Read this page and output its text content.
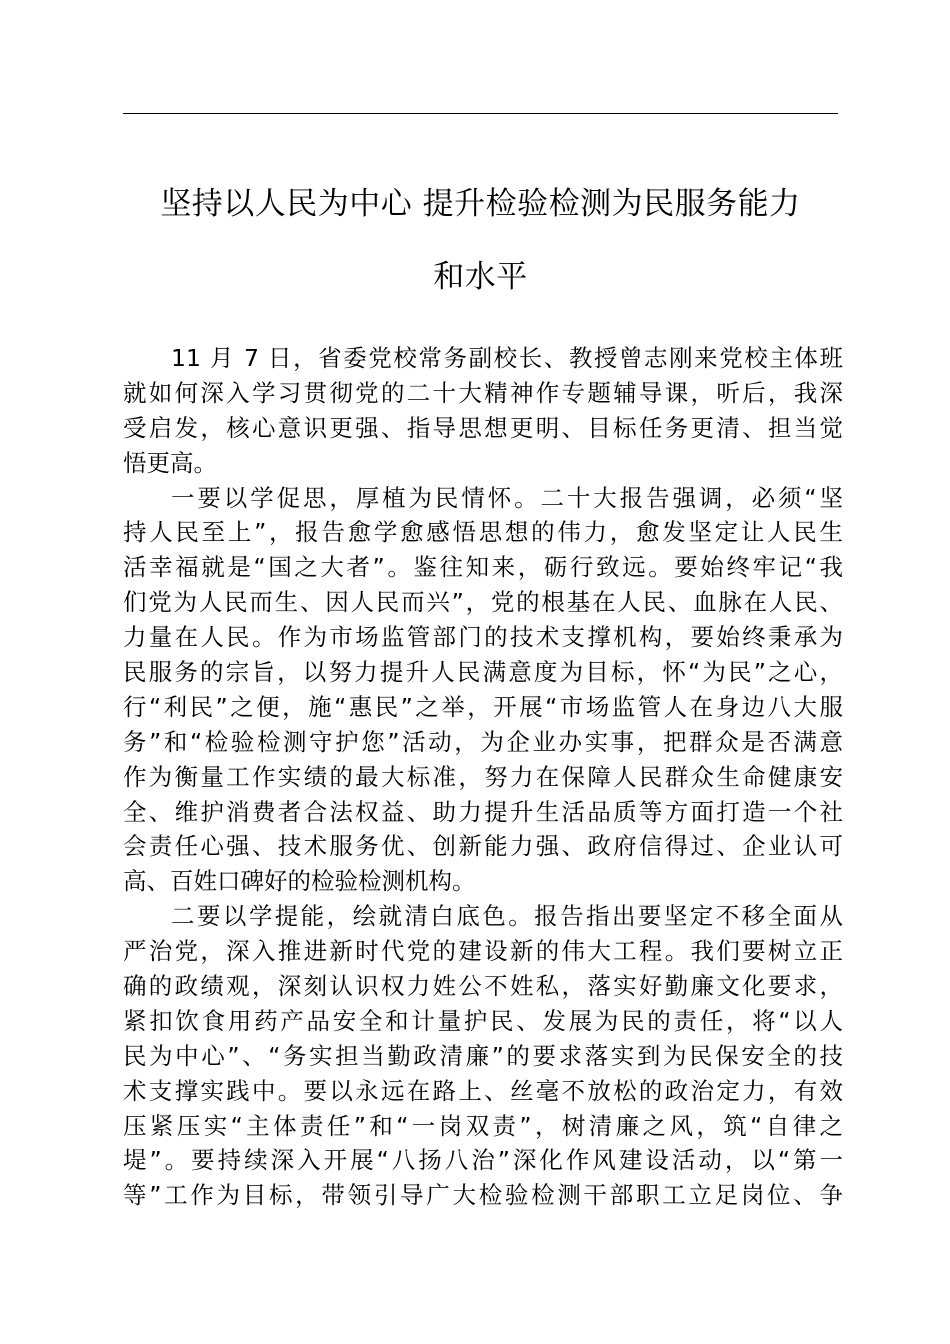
坚持以人民为中心 提升检验检测为民服务能力
和水平

11 月 7 日，省委党校常务副校长、教授曾志刚来党校主体班
就如何深入学习贯彻党的二十大精神作专题辅导课，听后，我深
受启发，核心意识更强、指导思想更明、目标任务更清、担当觉
悟更高。

一要以学促思，厚植为民情怀。二十大报告强调，必须“坚
持人民至上”，报告愈学愈感悟思想的伟力，愈发坚定让人民生
活幸福就是“国之大者”。鉴往知来，砺行致远。要始终牢记“我
们党为人民而生、因人民而兴”，党的根基在人民、血脉在人民、
力量在人民。作为市场监管部门的技术支撑机构，要始终秉承为
民服务的宗旨，以努力提升人民满意度为目标，怀“为民”之心，
行“利民”之便，施“惠民”之举，开展“市场监管人在身边八大服
务”和“检验检测守护您”活动，为企业办实事，把群众是否满意
作为衡量工作实绩的最大标准，努力在保障人民群众生命健康安
全、维护消费者合法权益、助力提升生活品质等方面打造一个社
会责任心强、技术服务优、创新能力强、政府信得过、企业认可
高、百姓口碑好的检验检测机构。

二要以学提能，绘就清白底色。报告指出要坚定不移全面从
严治党，深入推进新时代党的建设新的伟大工程。我们要树立正
确的政绩观，深刻认识权力姓公不姓私，落实好勤廉文化要求，
紧扣饮食用药产品安全和计量护民、发展为民的责任，将“以人
民为中心”、“务实担当勤政清廉”的要求落实到为民保安全的技
术支撑实践中。要以永远在路上、丝毫不放松的政治定力，有效
压紧压实“主体责任”和“一岗双责”，树清廉之风，筑“自律之
堤”。要持续深入开展“八扬八治”深化作风建设活动，以“第一
等”工作为目标，带领引导广大检验检测干部职工立足岗位、争
